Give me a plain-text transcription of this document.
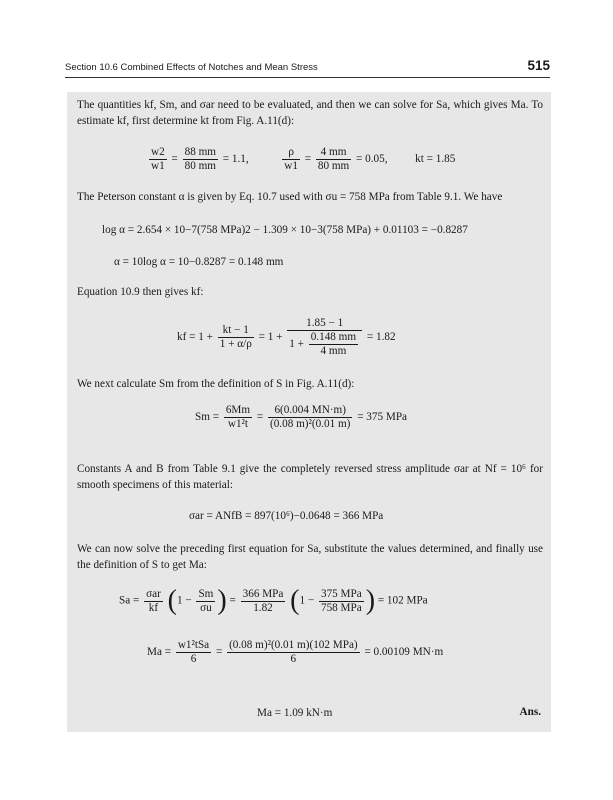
Section 10.6 Combined Effects of Notches and Mean Stress	515
The quantities kf, Sm, and σar need to be evaluated, and then we can solve for Sa, which gives Ma. To estimate kf, first determine kt from Fig. A.11(d):
$\frac{w2}{w1} = \frac{88 mm}{80 mm} = 1.1$,	$\frac{\rho}{w1} = \frac{4 mm}{80 mm} = 0.05$, kt = 1.85
The Peterson constant α is given by Eq. 10.7 used with σu = 758 MPa from Table 9.1. We have
log α = 2.654 × 10−7(758 MPa)2 − 1.309 × 10−3(758 MPa) + 0.01103 = −0.8287
α = 10log α = 10−0.8287 = 0.148 mm
Equation 10.9 then gives kf:
kf = $1 + \frac{kt - 1}{1 + \alpha/\rho} = 1 + \frac{1.85 - 1}{1 + \frac{0.148 mm}{4 mm}} = 1.82$
We next calculate Sm from the definition of S in Fig. A.11(d):
$Sm = \frac{6Mm}{\text{w1²t}} = \frac{6(0.004 MN\cdot m)}{\text{(0.08 m)²(0.01 m)}} = 375$ MPa
Constants A and B from Table 9.1 give the completely reversed stress amplitude σar at Nf = 10⁶ for smooth specimens of this material:
σar = ANfB = 897(10⁶)−0.0648 = 366 MPa
We can now solve the preceding first equation for Sa, substitute the values determined, and finally use the definition of S to get Ma:
$Sa = \frac{\text{σar}}{kf} (1 - \frac{Sm}{\sigma u}$ ) = $\frac{\text{366 MPa}}{1.82} (1 - \frac{\text{375 MPa}}{\text{758 MPa}}$ ) = 102 MPa
$Ma = \frac{\text{w1²tSa}}{6} = \frac{\text{(0.08 m)²(0.01 m)(102 MPa)}}{6} = 0.00109$ MN·m
Ma = 1.09 kN·m	Ans.
